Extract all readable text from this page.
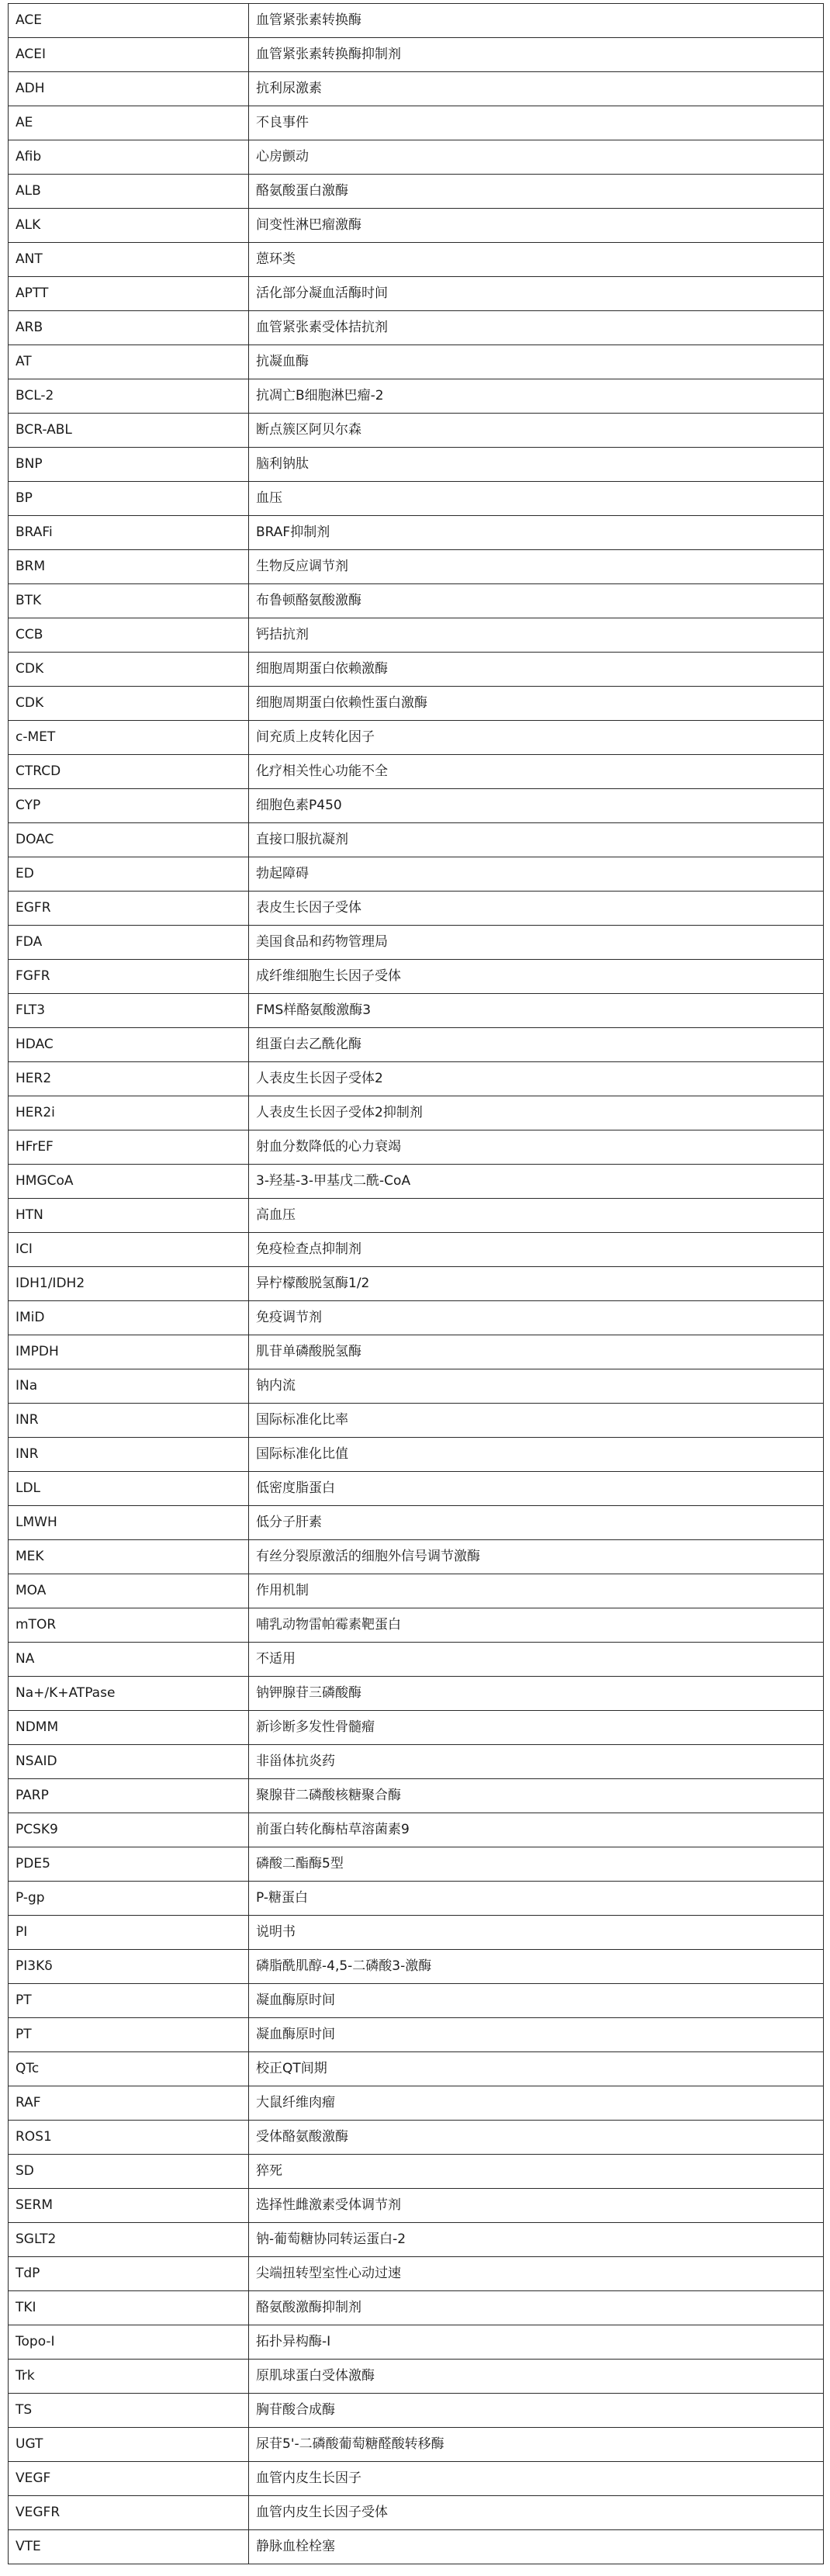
ACE	血管紧张素转换酶
ACEI	血管紧张素转换酶抑制剂
ADH	抗利尿激素
AE	不良事件
Afib	心房颤动
ALB	酪氨酸蛋白激酶
ALK	间变性淋巴瘤激酶
ANT	蒽环类
APTT	活化部分凝血活酶时间
ARB	血管紧张素受体拮抗剂
AT	抗凝血酶
BCL-2	抗凋亡B细胞淋巴瘤-2
BCR-ABL	断点簇区阿贝尔森
BNP	脑利钠肽
BP	血压
BRAFi	BRAF抑制剂
BRM	生物反应调节剂
BTK	布鲁顿酪氨酸激酶
CCB	钙拮抗剂
CDK	细胞周期蛋白依赖激酶
CDK	细胞周期蛋白依赖性蛋白激酶
c-MET	间充质上皮转化因子
CTRCD	化疗相关性心功能不全
CYP	细胞色素P450
DOAC	直接口服抗凝剂
ED	勃起障碍
EGFR	表皮生长因子受体
FDA	美国食品和药物管理局
FGFR	成纤维细胞生长因子受体
FLT3	FMS样酪氨酸激酶3
HDAC	组蛋白去乙酰化酶
HER2	人表皮生长因子受体2
HER2i	人表皮生长因子受体2抑制剂
HFrEF	射血分数降低的心力衰竭
HMGCoA	3-羟基-3-甲基戊二酰-CoA
HTN	高血压
ICI	免疫检查点抑制剂
IDH1/IDH2	异柠檬酸脱氢酶1/2
IMiD	免疫调节剂
IMPDH	肌苷单磷酸脱氢酶
INa	钠内流
INR	国际标准化比率
INR	国际标准化比值
LDL	低密度脂蛋白
LMWH	低分子肝素
MEK	有丝分裂原激活的细胞外信号调节激酶
MOA	作用机制
mTOR	哺乳动物雷帕霉素靶蛋白
NA	不适用
Na+/K+ATPase	钠钾腺苷三磷酸酶
NDMM	新诊断多发性骨髓瘤
NSAID	非甾体抗炎药
PARP	聚腺苷二磷酸核糖聚合酶
PCSK9	前蛋白转化酶枯草溶菌素9
PDE5	磷酸二酯酶5型
P-gp	P-糖蛋白
PI	说明书
PI3Kδ	磷脂酰肌醇-4,5-二磷酸3-激酶
PT	凝血酶原时间
PT	凝血酶原时间
QTc	校正QT间期
RAF	大鼠纤维肉瘤
ROS1	受体酪氨酸激酶
SD	猝死
SERM	选择性雌激素受体调节剂
SGLT2	钠-葡萄糖协同转运蛋白-2
TdP	尖端扭转型室性心动过速
TKI	酪氨酸激酶抑制剂
Topo-I	拓扑异构酶-I
Trk	原肌球蛋白受体激酶
TS	胸苷酸合成酶
UGT	尿苷5'-二磷酸葡萄糖醛酸转移酶
VEGF	血管内皮生长因子
VEGFR	血管内皮生长因子受体
VTE	静脉血栓栓塞
